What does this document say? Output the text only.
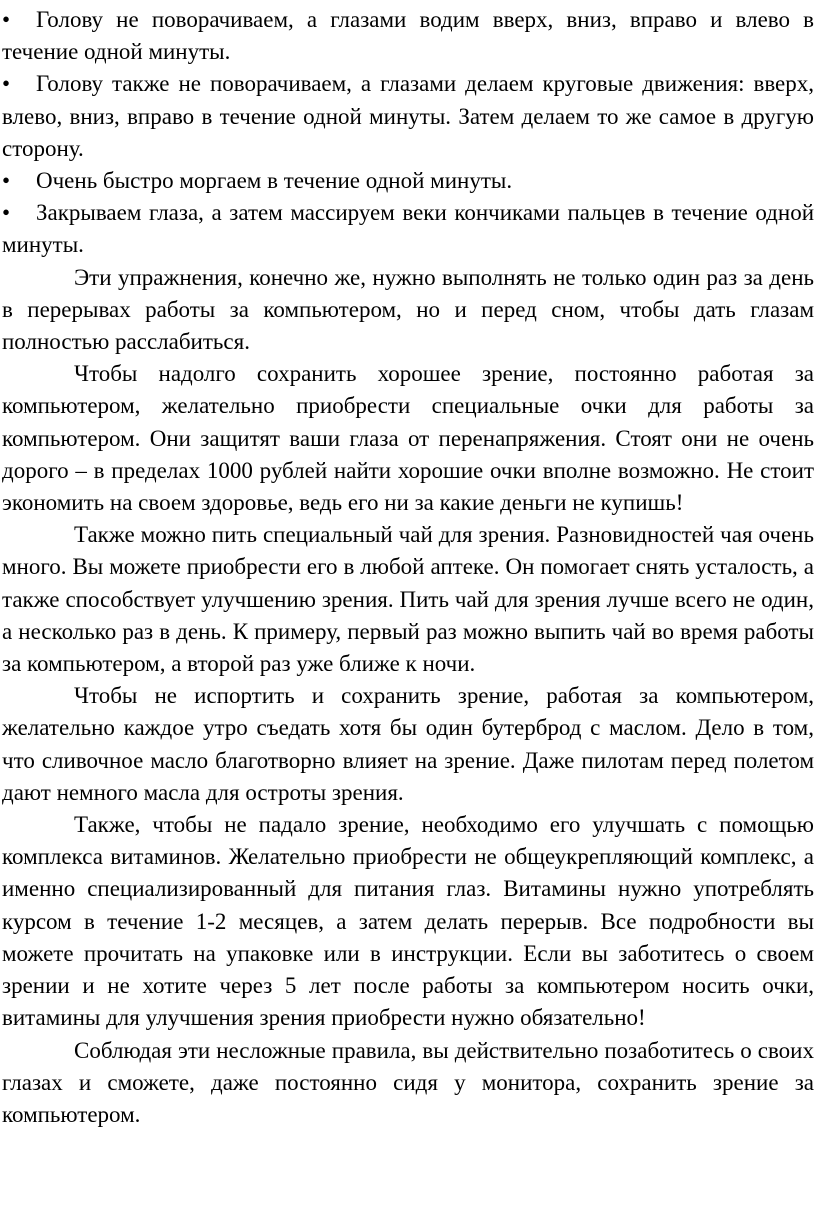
• Голову не поворачиваем, а глазами водим вверх, вниз, вправо и влево в течение одной минуты.

• Голову также не поворачиваем, а глазами делаем круговые движения: вверх, влево, вниз, вправо в течение одной минуты. Затем делаем то же самое в другую сторону.

• Очень быстро моргаем в течение одной минуты.

• Закрываем глаза, а затем массируем веки кончиками пальцев в течение одной минуты.

Эти упражнения, конечно же, нужно выполнять не только один раз за день в перерывах работы за компьютером, но и перед сном, чтобы дать глазам полностью расслабиться.

Чтобы надолго сохранить хорошее зрение, постоянно работая за компьютером, желательно приобрести специальные очки для работы за компьютером. Они защитят ваши глаза от перенапряжения. Стоят они не очень дорого – в пределах 1000 рублей найти хорошие очки вполне возможно. Не стоит экономить на своем здоровье, ведь его ни за какие деньги не купишь!

Также можно пить специальный чай для зрения. Разновидностей чая очень много. Вы можете приобрести его в любой аптеке. Он помогает снять усталость, а также способствует улучшению зрения. Пить чай для зрения лучше всего не один, а несколько раз в день. К примеру, первый раз можно выпить чай во время работы за компьютером, а второй раз уже ближе к ночи.

Чтобы не испортить и сохранить зрение, работая за компьютером, желательно каждое утро съедать хотя бы один бутерброд с маслом. Дело в том, что сливочное масло благотворно влияет на зрение. Даже пилотам перед полетом дают немного масла для остроты зрения.

Также, чтобы не падало зрение, необходимо его улучшать с помощью комплекса витаминов. Желательно приобрести не общеукрепляющий комплекс, а именно специализированный для питания глаз. Витамины нужно употреблять курсом в течение 1-2 месяцев, а затем делать перерыв. Все подробности вы можете прочитать на упаковке или в инструкции. Если вы заботитесь о своем зрении и не хотите через 5 лет после работы за компьютером носить очки, витамины для улучшения зрения приобрести нужно обязательно!

Соблюдая эти несложные правила, вы действительно позаботитесь о своих глазах и сможете, даже постоянно сидя у монитора, сохранить зрение за компьютером.
